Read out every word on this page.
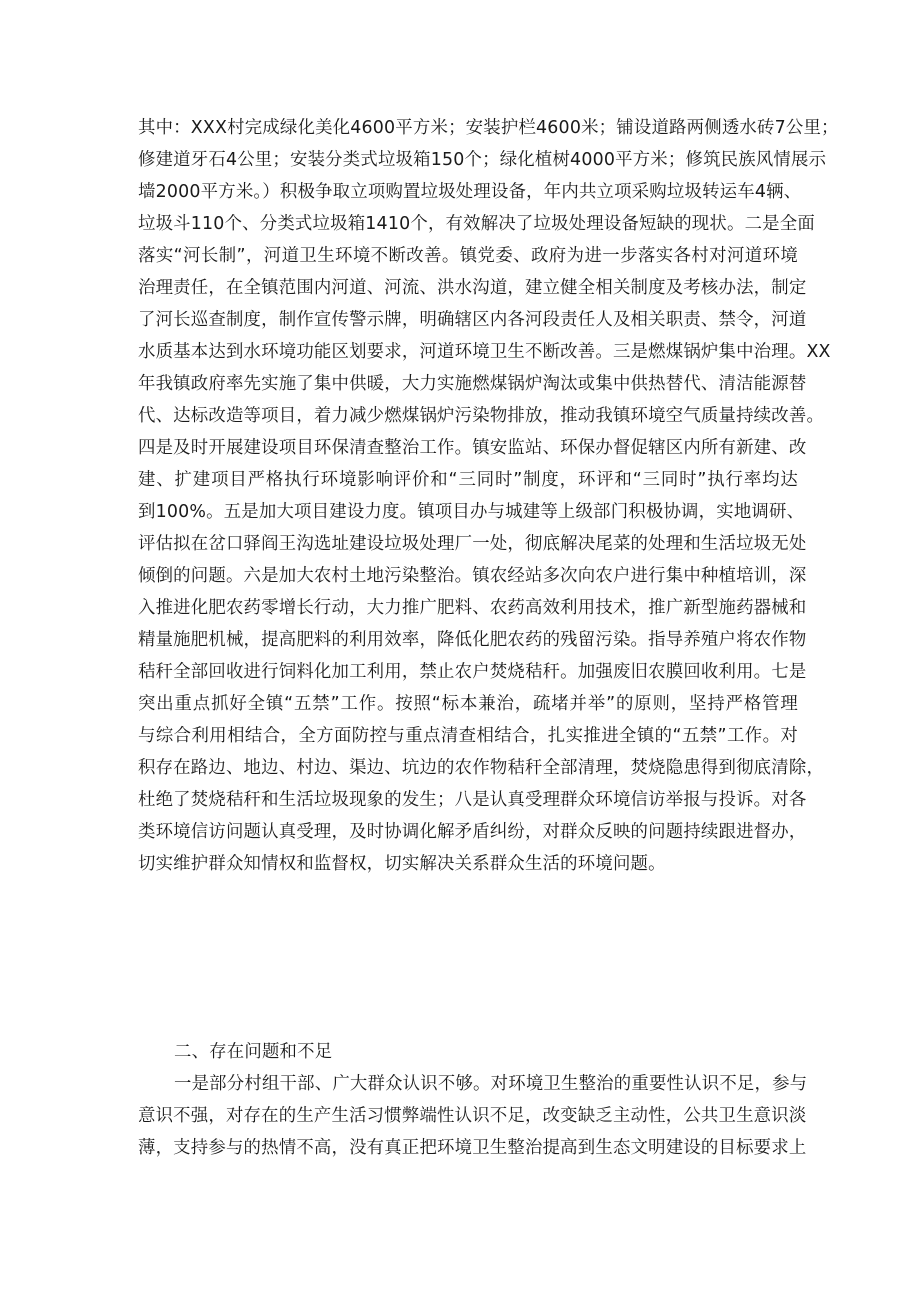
其中：XXX村完成绿化美化4600平方米；安装护栏4600米；铺设道路两侧透水砖7公里；
修建道牙石4公里；安装分类式垃圾箱150个；绿化植树4000平方米；修筑民族风情展示
墙2000平方米。）积极争取立项购置垃圾处理设备，年内共立项采购垃圾转运车4辆、
垃圾斗110个、分类式垃圾箱1410个，有效解决了垃圾处理设备短缺的现状。二是全面
落实“河长制”，河道卫生环境不断改善。镇党委、政府为进一步落实各村对河道环境
治理责任，在全镇范围内河道、河流、洪水沟道，建立健全相关制度及考核办法，制定
了河长巡查制度，制作宣传警示牌，明确辖区内各河段责任人及相关职责、禁令，河道
水质基本达到水环境功能区划要求，河道环境卫生不断改善。三是燃煤锅炉集中治理。XX
年我镇政府率先实施了集中供暖，大力实施燃煤锅炉淘汰或集中供热替代、清洁能源替
代、达标改造等项目，着力减少燃煤锅炉污染物排放，推动我镇环境空气质量持续改善。
四是及时开展建设项目环保清查整治工作。镇安监站、环保办督促辖区内所有新建、改
建、扩建项目严格执行环境影响评价和“三同时”制度，环评和“三同时”执行率均达
到100%。五是加大项目建设力度。镇项目办与城建等上级部门积极协调，实地调研、
评估拟在岔口驿阎王沟选址建设垃圾处理厂一处，彻底解决尾菜的处理和生活垃圾无处
倾倒的问题。六是加大农村土地污染整治。镇农经站多次向农户进行集中种植培训，深
入推进化肥农药零增长行动，大力推广肥料、农药高效利用技术，推广新型施药器械和
精量施肥机械，提高肥料的利用效率，降低化肥农药的残留污染。指导养殖户将农作物
秸秆全部回收进行饲料化加工利用，禁止农户焚烧秸秆。加强废旧农膜回收利用。七是
突出重点抓好全镇“五禁”工作。按照“标本兼治，疏堵并举”的原则，坚持严格管理
与综合利用相结合，全方面防控与重点清查相结合，扎实推进全镇的“五禁”工作。对
积存在路边、地边、村边、渠边、坑边的农作物秸秆全部清理，焚烧隐患得到彻底清除，
杜绝了焚烧秸秆和生活垃圾现象的发生；八是认真受理群众环境信访举报与投诉。对各
类环境信访问题认真受理，及时协调化解矛盾纠纷，对群众反映的问题持续跟进督办，
切实维护群众知情权和监督权，切实解决关系群众生活的环境问题。
二、存在问题和不足
一是部分村组干部、广大群众认识不够。对环境卫生整治的重要性认识不足，参与
意识不强，对存在的生产生活习惯弊端性认识不足，改变缺乏主动性，公共卫生意识淡
薄，支持参与的热情不高，没有真正把环境卫生整治提高到生态文明建设的目标要求上
